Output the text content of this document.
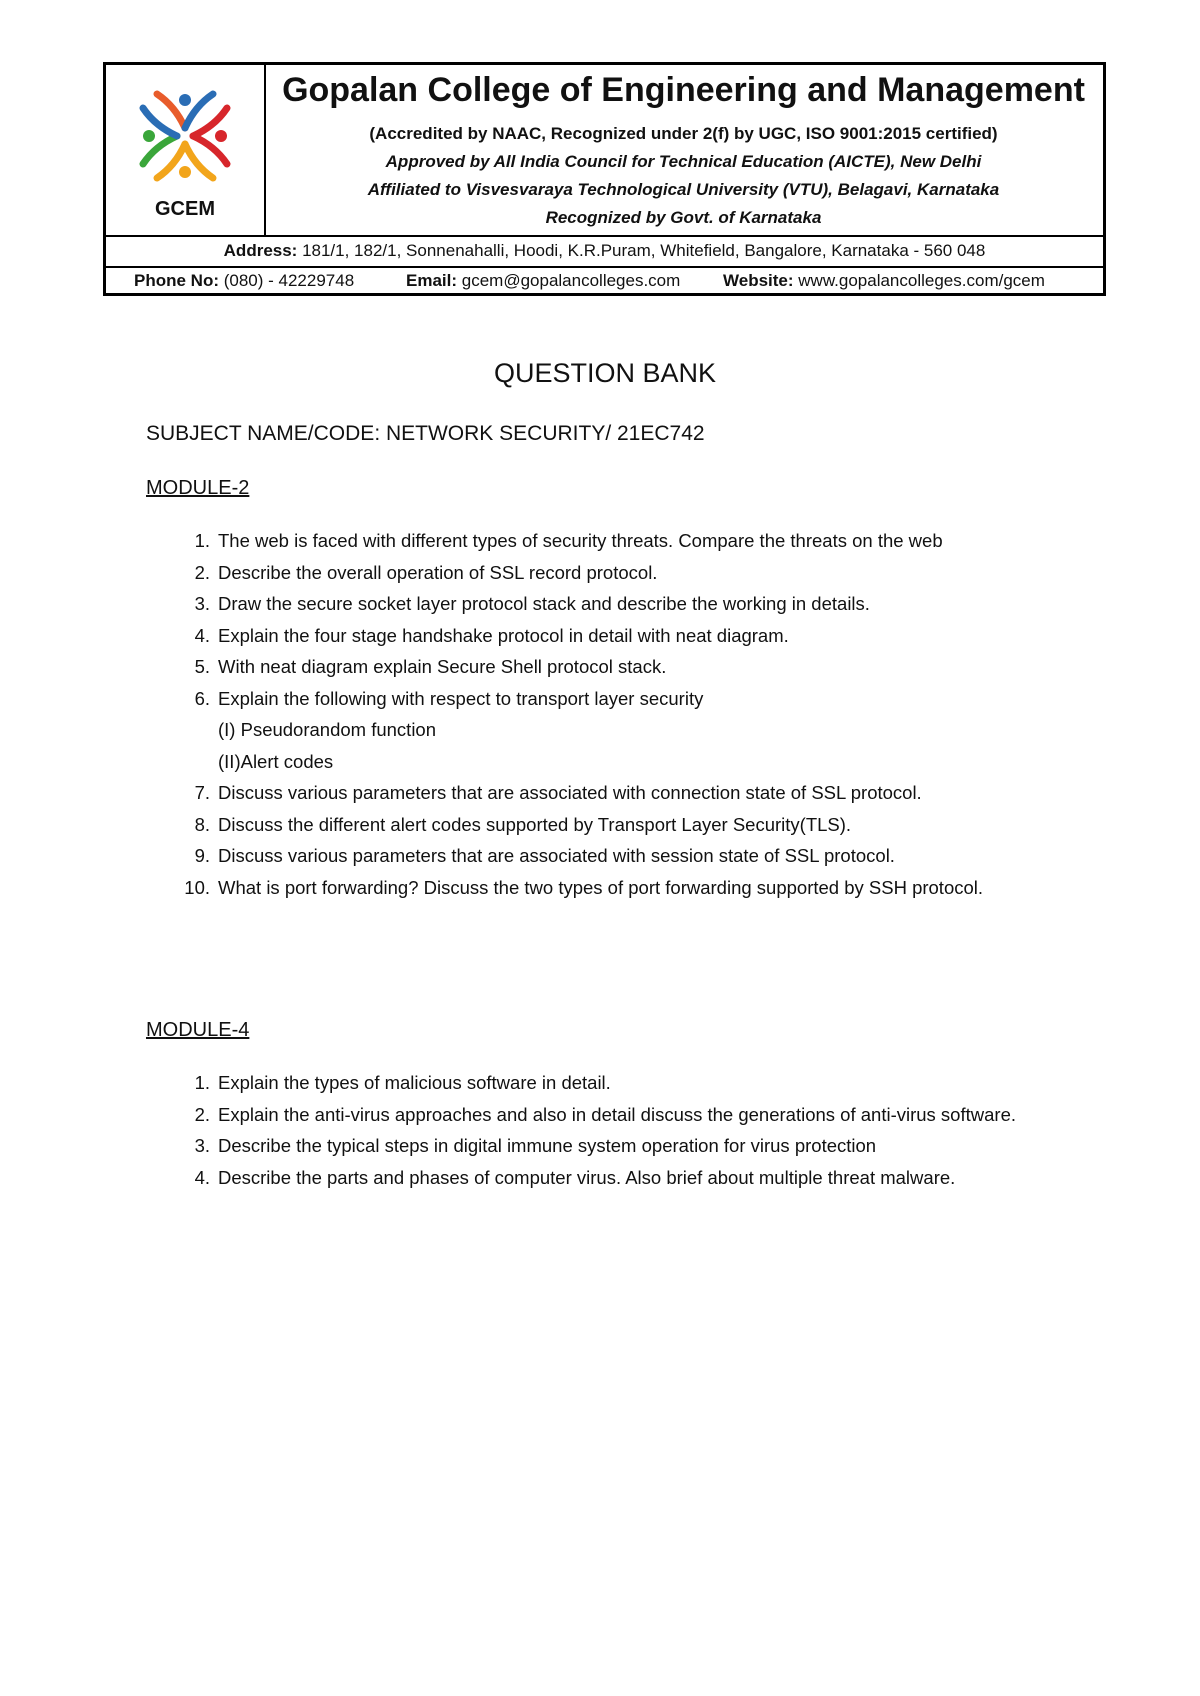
GCEM
Gopalan College of Engineering and Management
(Accredited by NAAC, Recognized under 2(f) by UGC, ISO 9001:2015 certified)
Approved by All India Council for Technical Education (AICTE), New Delhi
Affiliated to Visvesvaraya Technological University (VTU), Belagavi, Karnataka
Recognized by Govt. of Karnataka
Address: 181/1, 182/1, Sonnenahalli, Hoodi, K.R.Puram, Whitefield, Bangalore, Karnataka - 560 048
Phone No: (080) - 42229748	Email: gcem@gopalancolleges.com	Website: www.gopalancolleges.com/gcem
QUESTION BANK
SUBJECT NAME/CODE: NETWORK SECURITY/ 21EC742
MODULE-2
1 . The web is faced with different types of security threats. Compare the threats on the web
2 . Describe the overall operation of SSL record protocol.
3 . Draw the secure socket layer protocol stack and describe the working in details.
4 . Explain the four stage handshake protocol in detail with neat diagram.
5 . With neat diagram explain Secure Shell protocol stack.
6 . Explain the following with respect to transport layer security
(I) Pseudorandom function
(II)Alert codes
7 . Discuss various parameters that are associated with connection state of SSL protocol.
8 . Discuss the different alert codes supported by Transport Layer Security(TLS).
9 . Discuss various parameters that are associated with session state of SSL protocol.
10 . What is port forwarding? Discuss the two types of port forwarding supported by SSH protocol.
MODULE-4
1 . Explain the types of malicious software in detail.
2 . Explain the anti-virus approaches and also in detail discuss the generations of anti-virus software.
3 . Describe the typical steps in digital immune system operation for virus protection
4 . Describe the parts and phases of computer virus. Also brief about multiple threat malware.
